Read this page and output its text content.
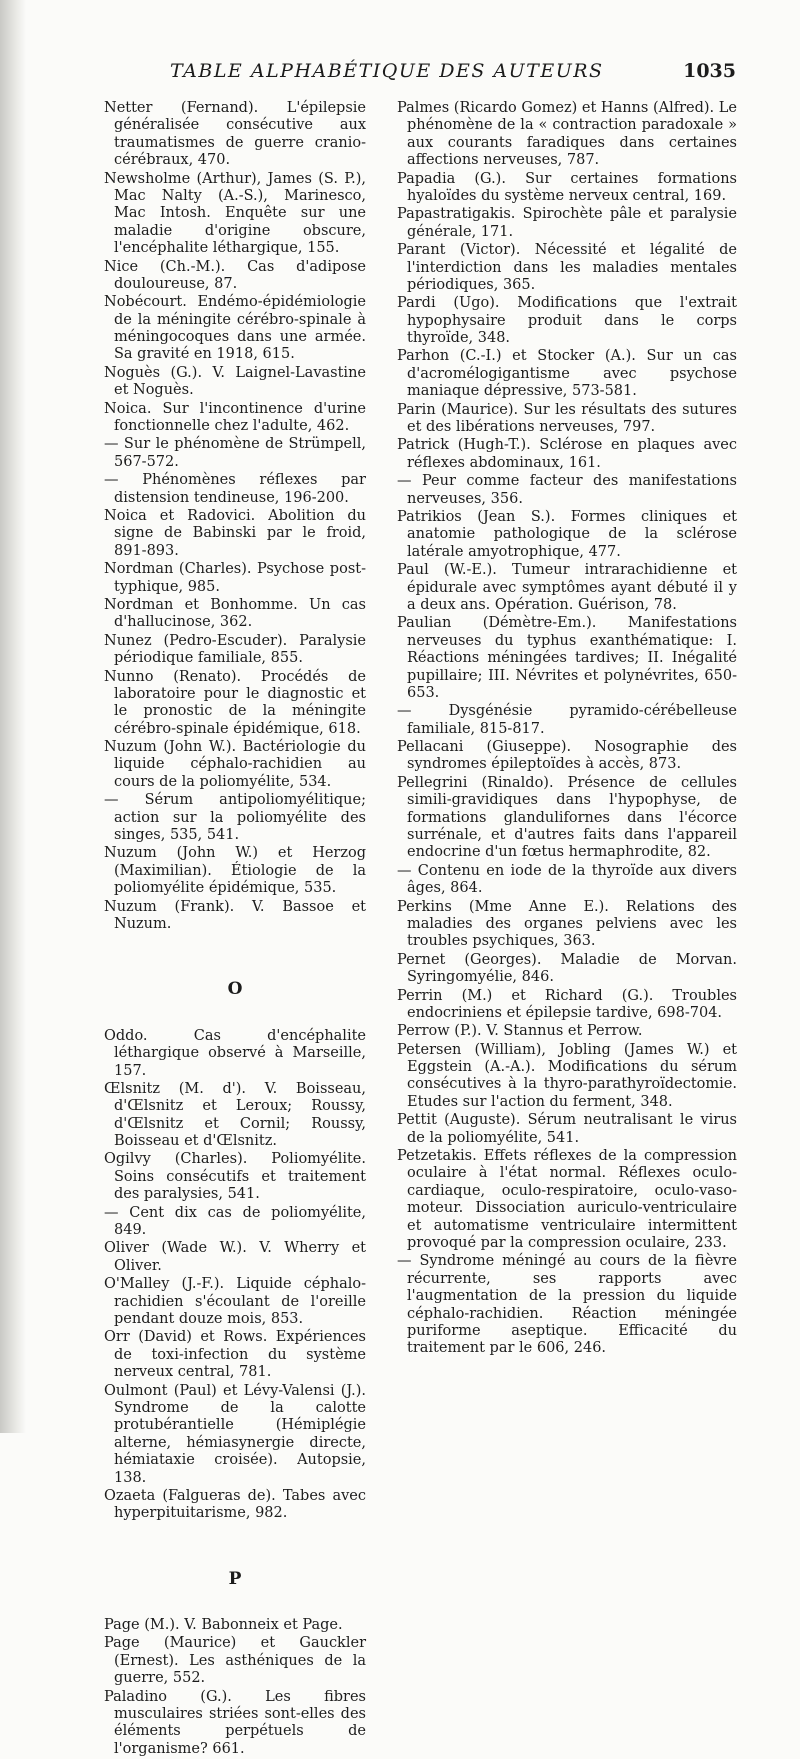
TABLE ALPHABÉTIQUE DES AUTEURS	1035

Netter (Fernand). L'épilepsie généralisée consécutive aux traumatismes de guerre cranio-cérébraux, 470.

Newsholme (Arthur), James (S. P.), Mac Nalty (A.-S.), Marinesco, Mac Intosh. Enquête sur une maladie d'origine obscure, l'encéphalite léthargique, 155.

Nice (Ch.-M.). Cas d'adipose douloureuse, 87.

Nobécourt. Endémo-épidémiologie de la méningite cérébro-spinale à méningocoques dans une armée. Sa gravité en 1918, 615.

Noguès (G.). V. Laignel-Lavastine et Noguès.

Noica. Sur l'incontinence d'urine fonctionnelle chez l'adulte, 462.

— Sur le phénomène de Strümpell, 567-572.

— Phénomènes réflexes par distension tendineuse, 196-200.

Noica et Radovici. Abolition du signe de Babinski par le froid, 891-893.

Nordman (Charles). Psychose post-typhique, 985.

Nordman et Bonhomme. Un cas d'hallucinose, 362.

Nunez (Pedro-Escuder). Paralysie périodique familiale, 855.

Nunno (Renato). Procédés de laboratoire pour le diagnostic et le pronostic de la méningite cérébro-spinale épidémique, 618.

Nuzum (John W.). Bactériologie du liquide céphalo-rachidien au cours de la poliomyélite, 534.

— Sérum antipoliomyélitique; action sur la poliomyélite des singes, 535, 541.

Nuzum (John W.) et Herzog (Maximilian). Étiologie de la poliomyélite épidémique, 535.

Nuzum (Frank). V. Bassoe et Nuzum.

O

Oddo. Cas d'encéphalite léthargique observé à Marseille, 157.

Œlsnitz (M. d'). V. Boisseau, d'Œlsnitz et Leroux; Roussy, d'Œlsnitz et Cornil; Roussy, Boisseau et d'Œlsnitz.

Ogilvy (Charles). Poliomyélite. Soins consécutifs et traitement des paralysies, 541.

— Cent dix cas de poliomyélite, 849.

Oliver (Wade W.). V. Wherry et Oliver.

O'Malley (J.-F.). Liquide céphalo-rachidien s'écoulant de l'oreille pendant douze mois, 853.

Orr (David) et Rows. Expériences de toxi-infection du système nerveux central, 781.

Oulmont (Paul) et Lévy-Valensi (J.). Syndrome de la calotte protubérantielle (Hémiplégie alterne, hémiasynergie directe, hémiataxie croisée). Autopsie, 138.

Ozaeta (Falgueras de). Tabes avec hyperpituitarisme, 982.

P

Page (M.). V. Babonneix et Page.

Page (Maurice) et Gauckler (Ernest). Les asthéniques de la guerre, 552.

Paladino (G.). Les fibres musculaires striées sont-elles des éléments perpétuels de l'organisme? 661.

Palmes (Ricardo Gomez) et Hanns (Alfred). Le phénomène de la « contraction paradoxale » aux courants faradiques dans certaines affections nerveuses, 787.

Papadia (G.). Sur certaines formations hyaloïdes du système nerveux central, 169.

Papastratigakis. Spirochète pâle et paralysie générale, 171.

Parant (Victor). Nécessité et légalité de l'interdiction dans les maladies mentales périodiques, 365.

Pardi (Ugo). Modifications que l'extrait hypophysaire produit dans le corps thyroïde, 348.

Parhon (C.-I.) et Stocker (A.). Sur un cas d'acromélogigantisme avec psychose maniaque dépressive, 573-581.

Parin (Maurice). Sur les résultats des sutures et des libérations nerveuses, 797.

Patrick (Hugh-T.). Sclérose en plaques avec réflexes abdominaux, 161.

— Peur comme facteur des manifestations nerveuses, 356.

Patrikios (Jean S.). Formes cliniques et anatomie pathologique de la sclérose latérale amyotrophique, 477.

Paul (W.-E.). Tumeur intrarachidienne et épidurale avec symptômes ayant débuté il y a deux ans. Opération. Guérison, 78.

Paulian (Démètre-Em.). Manifestations nerveuses du typhus exanthématique: I. Réactions méningées tardives; II. Inégalité pupillaire; III. Névrites et polynévrites, 650-653.

— Dysgénésie pyramido-cérébelleuse familiale, 815-817.

Pellacani (Giuseppe). Nosographie des syndromes épileptoïdes à accès, 873.

Pellegrini (Rinaldo). Présence de cellules simili-gravidiques dans l'hypophyse, de formations glandulifornes dans l'écorce surrénale, et d'autres faits dans l'appareil endocrine d'un fœtus hermaphrodite, 82.

— Contenu en iode de la thyroïde aux divers âges, 864.

Perkins (Mme Anne E.). Relations des maladies des organes pelviens avec les troubles psychiques, 363.

Pernet (Georges). Maladie de Morvan. Syringomyélie, 846.

Perrin (M.) et Richard (G.). Troubles endocriniens et épilepsie tardive, 698-704.

Perrow (P.). V. Stannus et Perrow.

Petersen (William), Jobling (James W.) et Eggstein (A.-A.). Modifications du sérum consécutives à la thyro-parathyroïdectomie. Etudes sur l'action du ferment, 348.

Pettit (Auguste). Sérum neutralisant le virus de la poliomyélite, 541.

Petzetakis. Effets réflexes de la compression oculaire à l'état normal. Réflexes oculo-cardiaque, oculo-respiratoire, oculo-vaso-moteur. Dissociation auriculo-ventriculaire et automatisme ventriculaire intermittent provoqué par la compression oculaire, 233.

— Syndrome méningé au cours de la fièvre récurrente, ses rapports avec l'augmentation de la pression du liquide céphalo-rachidien. Réaction méningée puriforme aseptique. Efficacité du traitement par le 606, 246.
